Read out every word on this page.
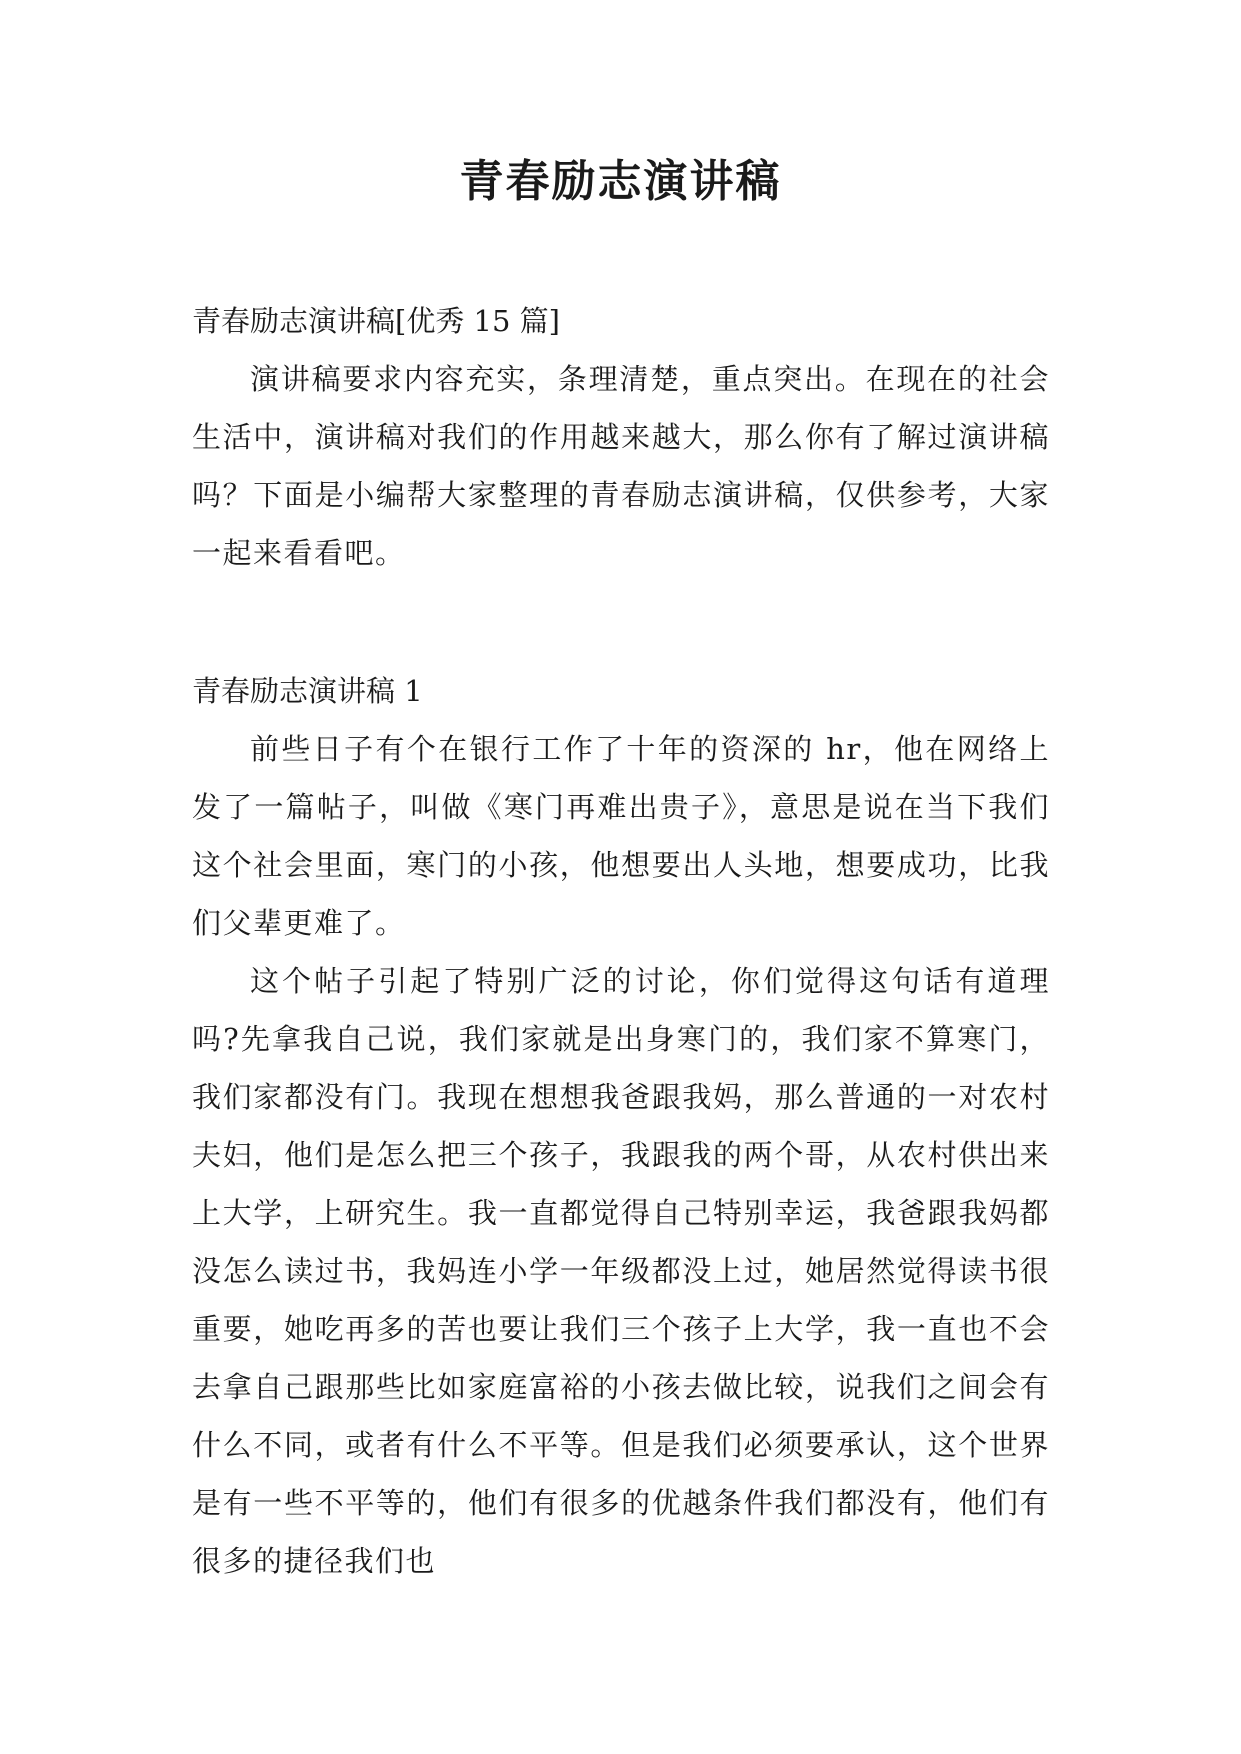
青春励志演讲稿

青春励志演讲稿[优秀 15 篇]

演讲稿要求内容充实，条理清楚，重点突出。在现在的社会生活中，演讲稿对我们的作用越来越大，那么你有了解过演讲稿吗？下面是小编帮大家整理的青春励志演讲稿，仅供参考，大家一起来看看吧。

青春励志演讲稿 1

前些日子有个在银行工作了十年的资深的 hr，他在网络上发了一篇帖子，叫做《寒门再难出贵子》，意思是说在当下我们这个社会里面，寒门的小孩，他想要出人头地，想要成功，比我们父辈更难了。

这个帖子引起了特别广泛的讨论，你们觉得这句话有道理吗?先拿我自己说，我们家就是出身寒门的，我们家不算寒门，我们家都没有门。我现在想想我爸跟我妈，那么普通的一对农村夫妇，他们是怎么把三个孩子，我跟我的两个哥，从农村供出来上大学，上研究生。我一直都觉得自己特别幸运，我爸跟我妈都没怎么读过书，我妈连小学一年级都没上过，她居然觉得读书很重要，她吃再多的苦也要让我们三个孩子上大学，我一直也不会去拿自己跟那些比如家庭富裕的小孩去做比较，说我们之间会有什么不同，或者有什么不平等。但是我们必须要承认，这个世界是有一些不平等的，他们有很多的优越条件我们都没有，他们有很多的捷径我们也
